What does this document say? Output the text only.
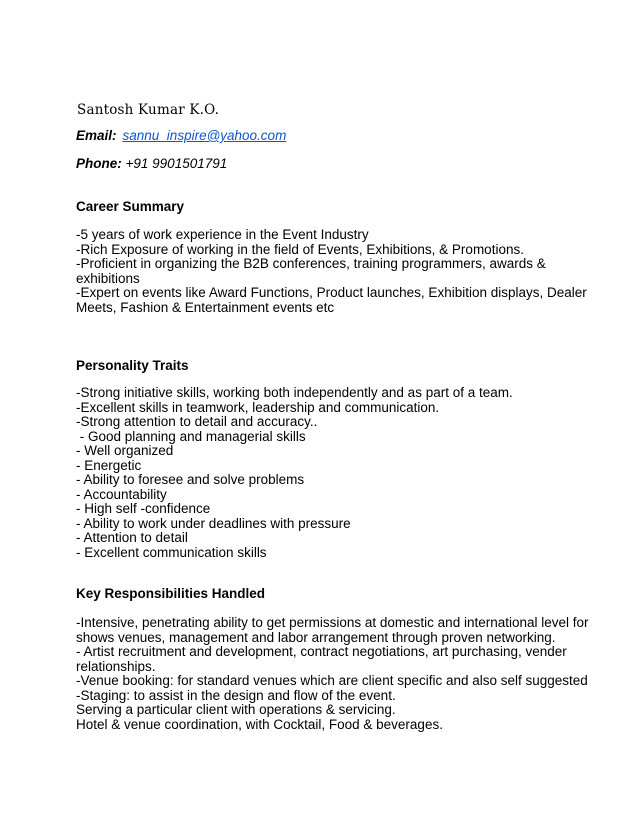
Santosh Kumar K.O.
Email: sannu_inspire@yahoo.com
Phone: +91 9901501791
Career Summary
-5 years of work experience in the Event Industry
-Rich Exposure of working in the field of Events, Exhibitions, & Promotions.
-Proficient in organizing the B2B conferences, training programmers, awards &
exhibitions
-Expert on events like Award Functions, Product launches, Exhibition displays, Dealer
Meets, Fashion & Entertainment events etc
Personality Traits
-Strong initiative skills, working both independently and as part of a team.
-Excellent skills in teamwork, leadership and communication.
-Strong attention to detail and accuracy..
- Good planning and managerial skills
- Well organized
- Energetic
- Ability to foresee and solve problems
- Accountability
- High self -confidence
- Ability to work under deadlines with pressure
- Attention to detail
- Excellent communication skills
Key Responsibilities Handled
-Intensive, penetrating ability to get permissions at domestic and international level for
shows venues, management and labor arrangement through proven networking.
- Artist recruitment and development, contract negotiations, art purchasing, vender
relationships.
-Venue booking: for standard venues which are client specific and also self suggested
-Staging: to assist in the design and flow of the event.
Serving a particular client with operations & servicing.
Hotel & venue coordination, with Cocktail, Food & beverages.
